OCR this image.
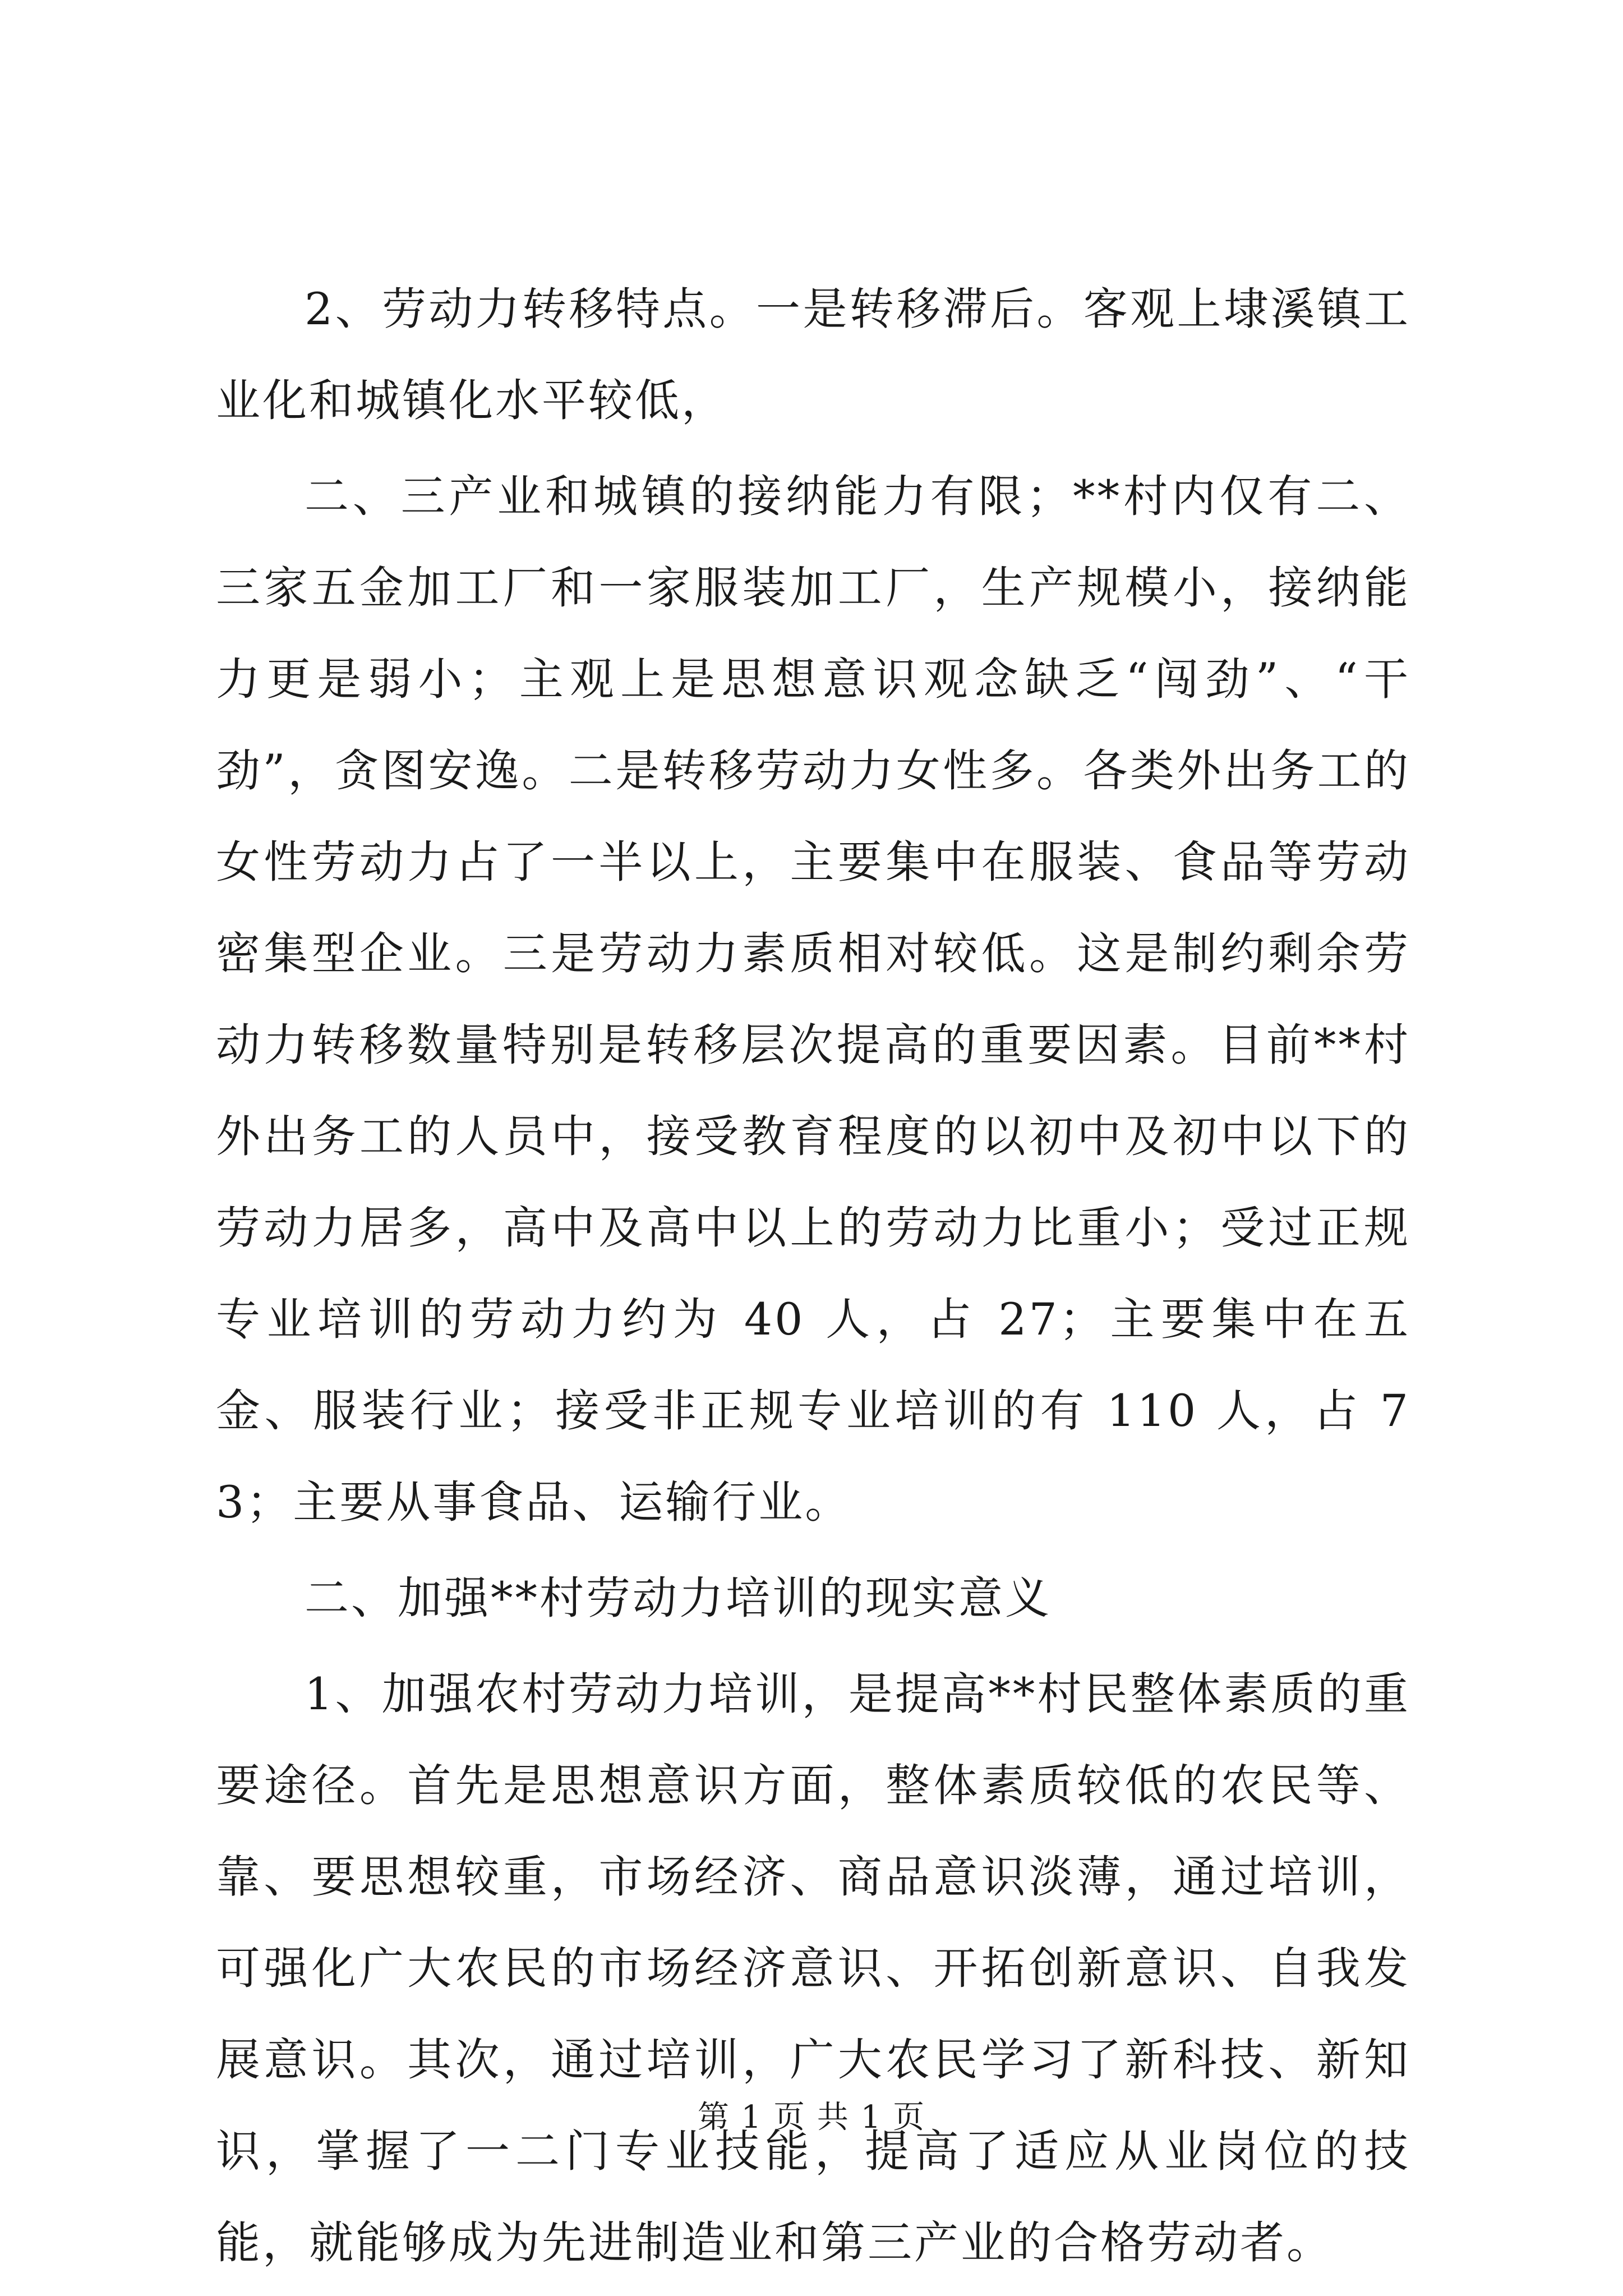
2、劳动力转移特点。一是转移滞后。客观上埭溪镇工业化和城镇化水平较低，

二、三产业和城镇的接纳能力有限；**村内仅有二、三家五金加工厂和一家服装加工厂，生产规模小，接纳能力更是弱小；主观上是思想意识观念缺乏“闯劲”、“干劲”，贪图安逸。二是转移劳动力女性多。各类外出务工的女性劳动力占了一半以上，主要集中在服装、食品等劳动密集型企业。三是劳动力素质相对较低。这是制约剩余劳动力转移数量特别是转移层次提高的重要因素。目前**村外出务工的人员中，接受教育程度的以初中及初中以下的劳动力居多，高中及高中以上的劳动力比重小；受过正规专业培训的劳动力约为 40 人，占 27；主要集中在五金、服装行业；接受非正规专业培训的有 110 人，占 73；主要从事食品、运输行业。

二、加强**村劳动力培训的现实意义

1、加强农村劳动力培训，是提高**村民整体素质的重要途径。首先是思想意识方面，整体素质较低的农民等、靠、要思想较重，市场经济、商品意识淡薄，通过培训，可强化广大农民的市场经济意识、开拓创新意识、自我发展意识。其次，通过培训，广大农民学习了新科技、新知识，掌握了一二门专业技能，提高了适应从业岗位的技能，就能够成为先进制造业和第三产业的合格劳动者。

第 1 页 共 1 页
